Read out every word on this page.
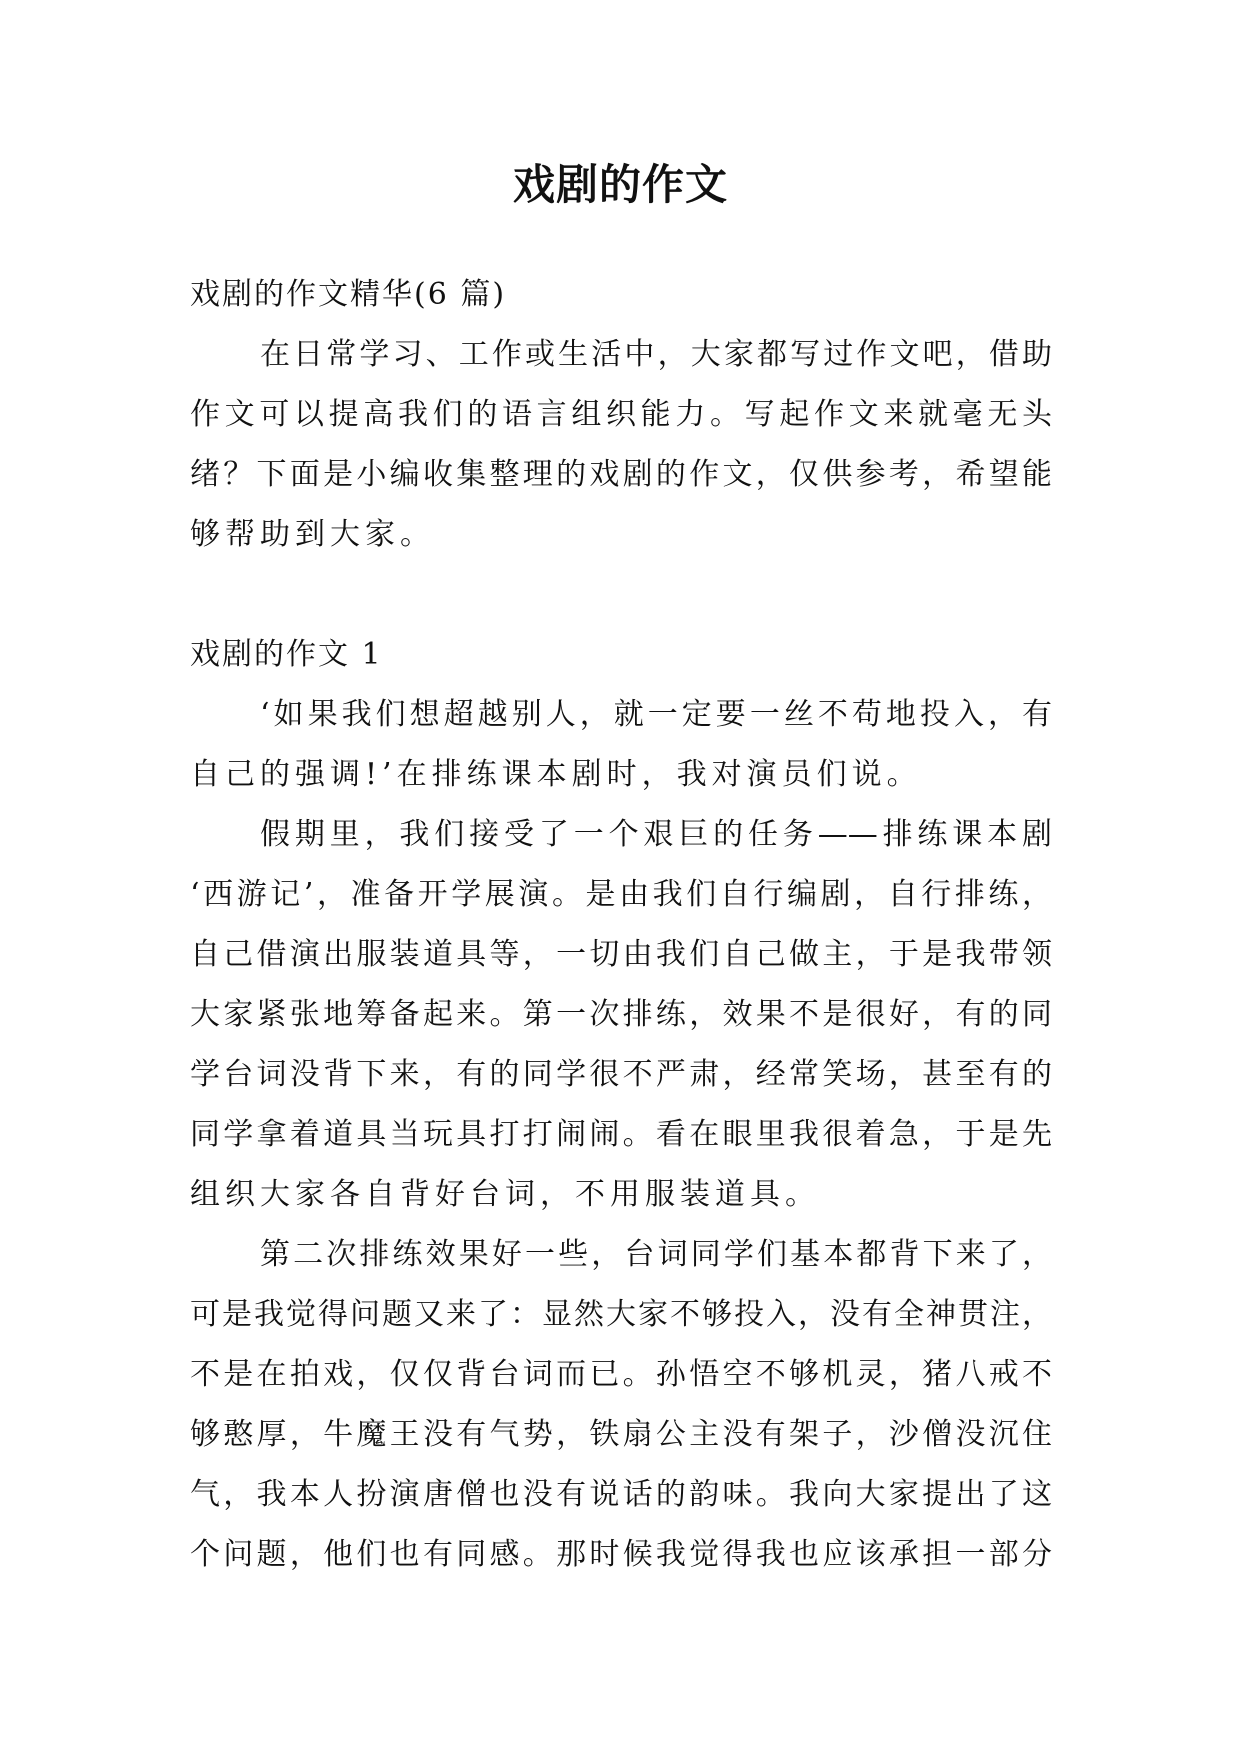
戏剧的作文
戏剧的作文精华(6 篇)
在日常学习、工作或生活中，大家都写过作文吧，借助
作文可以提高我们的语言组织能力。写起作文来就毫无头
绪？下面是小编收集整理的戏剧的作文，仅供参考，希望能
够帮助到大家。
戏剧的作文 1
‘如果我们想超越别人，就一定要一丝不苟地投入，有
自己的强调!’在排练课本剧时，我对演员们说。
假期里，我们接受了一个艰巨的任务——排练课本剧
‘西游记’，准备开学展演。是由我们自行编剧，自行排练，
自己借演出服装道具等，一切由我们自己做主，于是我带领
大家紧张地筹备起来。第一次排练，效果不是很好，有的同
学台词没背下来，有的同学很不严肃，经常笑场，甚至有的
同学拿着道具当玩具打打闹闹。看在眼里我很着急，于是先
组织大家各自背好台词，不用服装道具。
第二次排练效果好一些，台词同学们基本都背下来了，
可是我觉得问题又来了：显然大家不够投入，没有全神贯注，
不是在拍戏，仅仅背台词而已。孙悟空不够机灵，猪八戒不
够憨厚，牛魔王没有气势，铁扇公主没有架子，沙僧没沉住
气，我本人扮演唐僧也没有说话的韵味。我向大家提出了这
个问题，他们也有同感。那时候我觉得我也应该承担一部分
